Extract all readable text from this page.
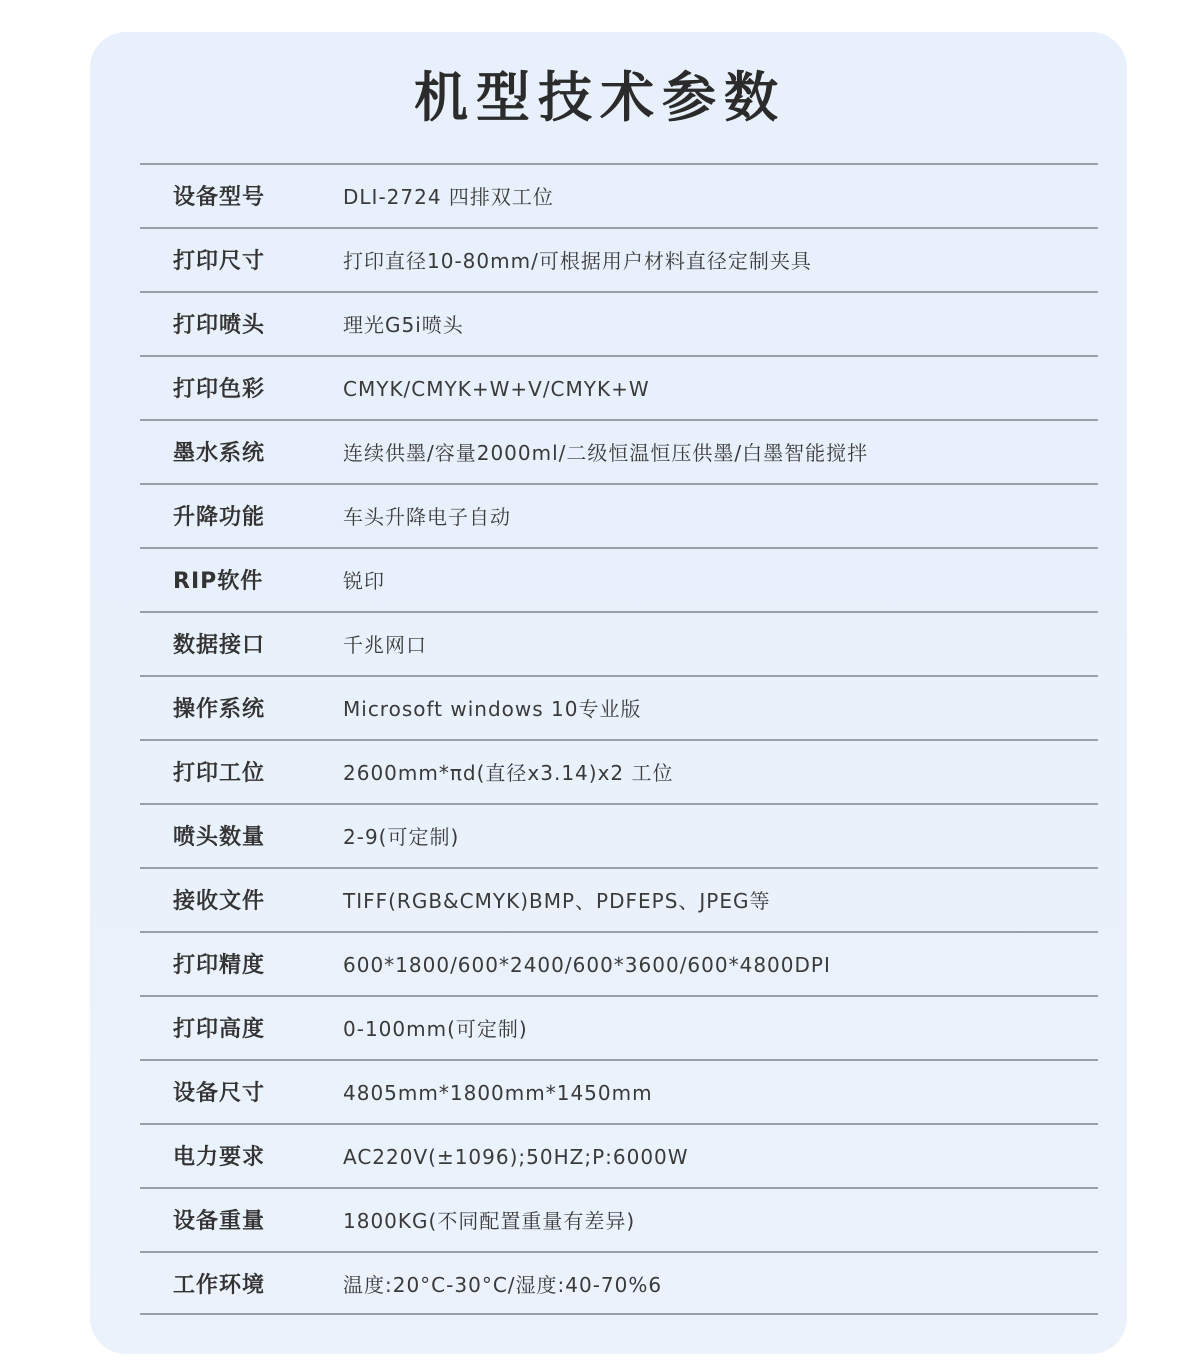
机型技术参数
设备型号	DLI-2724 四排双工位
打印尺寸	打印直径10-80mm/可根据用户材料直径定制夹具
打印喷头	理光G5i喷头
打印色彩	CMYK/CMYK+W+V/CMYK+W
墨水系统	连续供墨/容量2000ml/二级恒温恒压供墨/白墨智能搅拌
升降功能	车头升降电子自动
RIP软件	锐印
数据接口	千兆网口
操作系统	Microsoft windows 10专业版
打印工位	2600mm*πd(直径x3.14)x2 工位
喷头数量	2-9(可定制)
接收文件	TIFF(RGB&CMYK)BMP、PDFEPS、JPEG等
打印精度	600*1800/600*2400/600*3600/600*4800DPI
打印高度	0-100mm(可定制)
设备尺寸	4805mm*1800mm*1450mm
电力要求	AC220V(±1096);50HZ;P:6000W
设备重量	1800KG(不同配置重量有差异)
工作环境	温度:20°C-30°C/湿度:40-70%6
